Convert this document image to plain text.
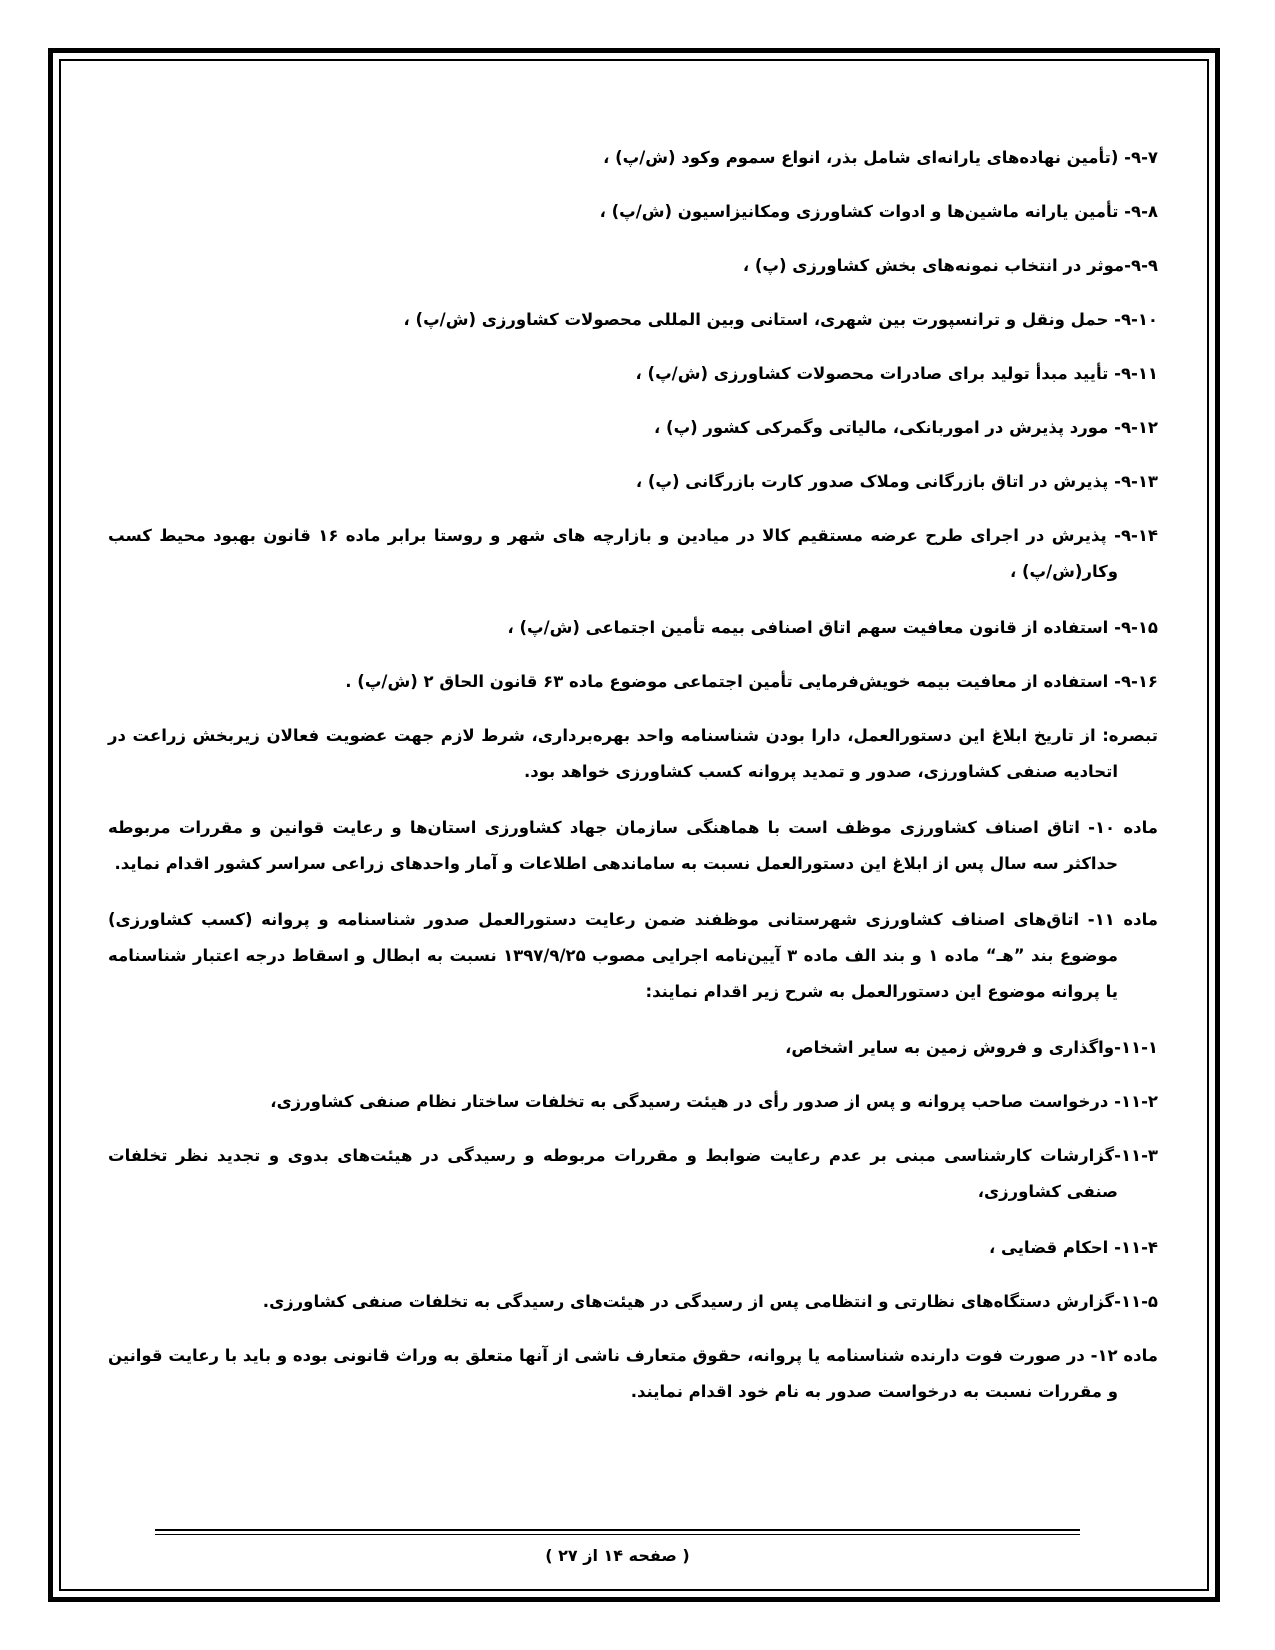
۹-۷- (تأمین نهاده‌های یارانه‌ای شامل بذر، انواع سموم وکود (ش/پ) ،

۹-۸- تأمین یارانه ماشین‌ها و ادوات کشاورزی ومکانیزاسیون (ش/پ) ،

۹-۹-موثر در انتخاب نمونه‌های بخش کشاورزی (پ) ،

۹-۱۰- حمل ونقل و ترانسپورت بین شهری، استانی وبین المللی محصولات کشاورزی (ش/پ) ،

۹-۱۱- تأیید مبدأ تولید برای صادرات محصولات کشاورزی (ش/پ) ،

۹-۱۲- مورد پذیرش در اموربانکی، مالیاتی وگمرکی کشور (پ) ،

۹-۱۳- پذیرش در اتاق بازرگانی وملاک صدور کارت بازرگانی (پ) ،

۹-۱۴- پذیرش در اجرای طرح عرضه مستقیم کالا در میادین و بازارچه های شهر و روستا برابر ماده ۱۶ قانون بهبود محیط کسب وکار(ش/پ) ،

۹-۱۵- استفاده از قانون معافیت سهم اتاق اصنافی بیمه تأمین اجتماعی (ش/پ) ،

۹-۱۶- استفاده از معافیت بیمه خویش‌فرمایی تأمین اجتماعی موضوع ماده ۶۳ قانون الحاق ۲ (ش/پ) .

تبصره: از تاریخ ابلاغ این دستورالعمل، دارا بودن شناسنامه واحد بهره‌برداری، شرط لازم جهت عضویت فعالان زیربخش زراعت در اتحادیه صنفی کشاورزی، صدور و تمدید پروانه کسب کشاورزی خواهد بود.

ماده ۱۰- اتاق اصناف کشاورزی موظف است با هماهنگی سازمان جهاد کشاورزی استان‌ها و رعایت قوانین و مقررات مربوطه حداکثر سه سال پس از ابلاغ این دستورالعمل نسبت به ساماندهی اطلاعات و آمار واحدهای زراعی سراسر کشور اقدام نماید.

ماده ۱۱- اتاق‌های اصناف کشاورزی شهرستانی موظفند ضمن رعایت دستورالعمل صدور شناسنامه و پروانه (کسب کشاورزی) موضوع بند ”هـ“ ماده ۱ و بند الف ماده ۳ آیین‌نامه اجرایی مصوب ۱۳۹۷/۹/۲۵ نسبت به ابطال و اسقاط درجه اعتبار شناسنامه یا پروانه موضوع این دستورالعمل به شرح زیر اقدام نمایند:

۱۱-۱-واگذاری و فروش زمین به سایر اشخاص،

۱۱-۲- درخواست صاحب پروانه و پس از صدور رأی در هیئت رسیدگی به تخلفات ساختار نظام صنفی کشاورزی،

۱۱-۳-گزارشات کارشناسی مبنی بر عدم رعایت ضوابط و مقررات مربوطه و رسیدگی در هیئت‌های بدوی و تجدید نظر تخلفات صنفی کشاورزی،

۱۱-۴- احکام قضایی ،

۱۱-۵-گزارش دستگاه‌های نظارتی و انتظامی پس از رسیدگی در هیئت‌های رسیدگی به تخلفات صنفی کشاورزی.

ماده ۱۲- در صورت فوت دارنده شناسنامه یا پروانه، حقوق متعارف ناشی از آنها متعلق به وراث قانونی بوده و باید با رعایت قوانین و مقررات نسبت به درخواست صدور به نام خود اقدام نمایند.

( صفحه ۱۴ از ۲۷ )
